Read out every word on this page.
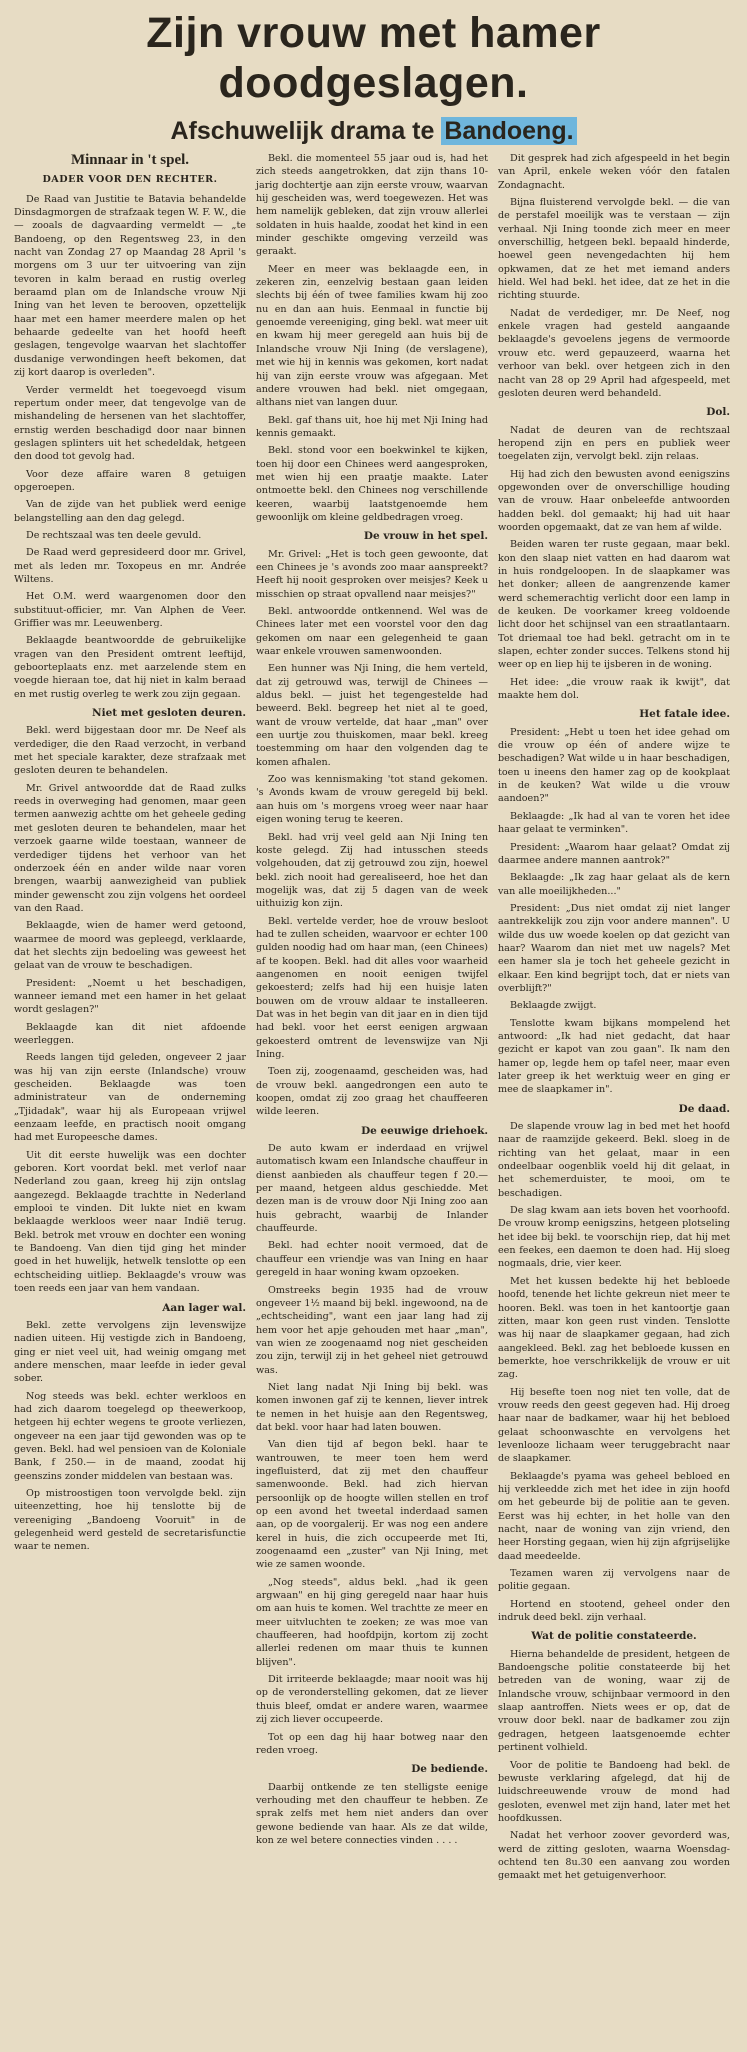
Zijn vrouw met hamer doodgeslagen.
Afschuwelijk drama te Bandoeng.
Minnaar in 't spel.
DADER VOOR DEN RECHTER.

De Raad van Justitie te Batavia behandelde Dinsdagmorgen de strafzaak tegen W. F. W., die — zooals de dagvaarding vermeldt — „te Bandoeng, op den Regentsweg 23, in den nacht van Zondag 27 op Maandag 28 April 's morgens om 3 uur ter uitvoering van zijn tevoren in kalm beraad en rustig overleg beraamd plan om de Inlandsche vrouw Nji Ining van het leven te berooven, opzettelijk haar met een hamer meerdere malen op het behaarde gedeelte van het hoofd heeft geslagen, tengevolge waarvan het slachtoffer dusdanige verwondingen heeft bekomen, dat zij kort daarop is overleden".

Verder vermeldt het toegevoegd visum repertum onder meer, dat tengevolge van de mishandeling de hersenen van het slachtoffer, ernstig werden beschadigd door naar binnen geslagen splinters uit het schedeldak, hetgeen den dood tot gevolg had.

Voor deze affaire waren 8 getuigen opgeroepen.

Van de zijde van het publiek werd eenige belangstelling aan den dag gelegd.

De rechtszaal was ten deele gevuld.

De Raad werd gepresideerd door mr. Grivel, met als leden mr. Toxopeus en mr. Andrée Wiltens.

Het O.M. werd waargenomen door den substituut-officier, mr. Van Alphen de Veer. Griffier was mr. Leeuwenberg.

Beklaagde beantwoordde de gebruikelijke vragen van den President omtrent leeftijd, geboorteplaats enz. met aarzelende stem en voegde hieraan toe, dat hij niet in kalm beraad en met rustig overleg te werk zou zijn gegaan.

Niet met gesloten deuren.

Bekl. werd bijgestaan door mr. De Neef als verdediger, die den Raad verzocht, in verband met het speciale karakter, deze strafzaak met gesloten deuren te behandelen.

Mr. Grivel antwoordde dat de Raad zulks reeds in overweging had genomen, maar geen termen aanwezig achtte om het geheele geding met gesloten deuren te behandelen, maar het verzoek gaarne wilde toestaan, wanneer de verdediger tijdens het verhoor van het onderzoek één en ander wilde naar voren brengen, waarbij aanwezigheid van publiek minder gewenscht zou zijn volgens het oordeel van den Raad.

Beklaagde, wien de hamer werd getoond, waarmee de moord was gepleegd, verklaarde, dat het slechts zijn bedoeling was geweest het gelaat van de vrouw te beschadigen.

President: „Noemt u het beschadigen, wanneer iemand met een hamer in het gelaat wordt geslagen?"

Beklaagde kan dit niet afdoende weerleggen.

Reeds langen tijd geleden, ongeveer 2 jaar was hij van zijn eerste (Inlandsche) vrouw gescheiden. Beklaagde was toen administrateur van de onderneming „Tjidadak", waar hij als Europeaan vrijwel eenzaam leefde, en practisch nooit omgang had met Europeesche dames.

Uit dit eerste huwelijk was een dochter geboren. Kort voordat bekl. met verlof naar Nederland zou gaan, kreeg hij zijn ontslag aangezegd. Beklaagde trachtte in Nederland emplooi te vinden. Dit lukte niet en kwam beklaagde werkloos weer naar Indië terug. Bekl. betrok met vrouw en dochter een woning te Bandoeng. Van dien tijd ging het minder goed in het huwelijk, hetwelk tenslotte op een echtscheiding uitliep. Beklaagde's vrouw was toen reeds een jaar van hem vandaan.

Aan lager wal.

Bekl. zette vervolgens zijn levenswijze nadien uiteen. Hij vestigde zich in Bandoeng, ging er niet veel uit, had weinig omgang met andere menschen, maar leefde in ieder geval sober.

Nog steeds was bekl. echter werkloos en had zich daarom toegelegd op theewerkoop, hetgeen hij echter wegens te groote verliezen, ongeveer na een jaar tijd gewonden was op te geven. Bekl. had wel pensioen van de Koloniale Bank, f 250.— in de maand, zoodat hij geenszins zonder middelen van bestaan was.

Op mistroostigen toon vervolgde bekl. zijn uiteenzetting, hoe hij tenslotte bij de vereeniging „Bandoeng Vooruit" in de gelegenheid werd gesteld de secretarisfunctie waar te nemen.

Bekl. die momenteel 55 jaar oud is, had het zich steeds aangetrokken, dat zijn thans 10-jarig dochtertje aan zijn eerste vrouw, waarvan hij gescheiden was, werd toegewezen. Het was hem namelijk gebleken, dat zijn vrouw allerlei soldaten in huis haalde, zoodat het kind in een minder geschikte omgeving verzeild was geraakt.

Meer en meer was beklaagde een, in zekeren zin, eenzelvig bestaan gaan leiden slechts bij één of twee families kwam hij zoo nu en dan aan huis. Eenmaal in functie bij genoemde vereeniging, ging bekl. wat meer uit en kwam hij meer geregeld aan huis bij de Inlandsche vrouw Nji Ining (de verslagene), met wie hij in kennis was gekomen, kort nadat hij van zijn eerste vrouw was afgegaan. Met andere vrouwen had bekl. niet omgegaan, althans niet van langen duur.

Bekl. gaf thans uit, hoe hij met Nji Ining had kennis gemaakt.

Bekl. stond voor een boekwinkel te kijken, toen hij door een Chinees werd aangesproken, met wien hij een praatje maakte. Later ontmoette bekl. den Chinees nog verschillende keeren, waarbij laatstgenoemde hem gewoonlijk om kleine geldbedragen vroeg.

De vrouw in het spel.

Mr. Grivel: „Het is toch geen gewoonte, dat een Chinees je 's avonds zoo maar aanspreekt? Heeft hij nooit gesproken over meisjes? Keek u misschien op straat opvallend naar meisjes?"

Bekl. antwoordde ontkennend. Wel was de Chinees later met een voorstel voor den dag gekomen om naar een gelegenheid te gaan waar enkele vrouwen samenwoonden.

Een hunner was Nji Ining, die hem verteld, dat zij getrouwd was, terwijl de Chinees — aldus bekl. — juist het tegengestelde had beweerd. Bekl. begreep het niet al te goed, want de vrouw vertelde, dat haar „man" over een uurtje zou thuiskomen, maar bekl. kreeg toestemming om haar den volgenden dag te komen afhalen.

Zoo was kennismaking 'tot stand gekomen. 's Avonds kwam de vrouw geregeld bij bekl. aan huis om 's morgens vroeg weer naar haar eigen woning terug te keeren.

Bekl. had vrij veel geld aan Nji Ining ten koste gelegd. Zij had intusschen steeds volgehouden, dat zij getrouwd zou zijn, hoewel bekl. zich nooit had gerealiseerd, hoe het dan mogelijk was, dat zij 5 dagen van de week uithuizig kon zijn.

Bekl. vertelde verder, hoe de vrouw besloot had te zullen scheiden, waarvoor er echter 100 gulden noodig had om haar man, (een Chinees) af te koopen. Bekl. had dit alles voor waarheid aangenomen en nooit eenigen twijfel gekoesterd; zelfs had hij een huisje laten bouwen om de vrouw aldaar te installeeren. Dat was in het begin van dit jaar en in dien tijd had bekl. voor het eerst eenigen argwaan gekoesterd omtrent de levenswijze van Nji Ining.

Toen zij, zoogenaamd, gescheiden was, had de vrouw bekl. aangedrongen een auto te koopen, omdat zij zoo graag het chauffeeren wilde leeren.

De eeuwige driehoek.

De auto kwam er inderdaad en vrijwel automatisch kwam een Inlandsche chauffeur in dienst aanbieden als chauffeur tegen f 20.— per maand, hetgeen aldus geschiedde. Met dezen man is de vrouw door Nji Ining zoo aan huis gebracht, waarbij de Inlander chauffeurde.

Bekl. had echter nooit vermoed, dat de chauffeur een vriendje was van Ining en haar geregeld in haar woning kwam opzoeken.

Omstreeks begin 1935 had de vrouw ongeveer 1½ maand bij bekl. ingewoond, na de „echtscheiding", want een jaar lang had zij hem voor het apje gehouden met haar „man", van wien ze zoogenaamd nog niet gescheiden zou zijn, terwijl zij in het geheel niet getrouwd was.

Niet lang nadat Nji Ining bij bekl. was komen inwonen gaf zij te kennen, liever intrek te nemen in het huisje aan den Regentsweg, dat bekl. voor haar had laten bouwen.

Van dien tijd af begon bekl. haar te wantrouwen, te meer toen hem werd ingefluisterd, dat zij met den chauffeur samenwoonde. Bekl. had zich hiervan persoonlijk op de hoogte willen stellen en trof op een avond het tweetal inderdaad samen aan, op de voorgalerij. Er was nog een andere kerel in huis, die zich occupeerde met Iti, zoogenaamd een „zuster" van Nji Ining, met wie ze samen woonde.

„Nog steeds", aldus bekl. „had ik geen argwaan" en hij ging geregeld naar haar huis om aan huis te komen. Wel trachtte ze meer en meer uitvluchten te zoeken; ze was moe van chauffeeren, had hoofdpijn, kortom zij zocht allerlei redenen om maar thuis te kunnen blijven".

Dit irriteerde beklaagde; maar nooit was hij op de veronderstelling gekomen, dat ze liever thuis bleef, omdat er andere waren, waarmee zij zich liever occupeerde.

Tot op een dag hij haar botweg naar den reden vroeg.

De bediende.

Daarbij ontkende ze ten stelligste eenige verhouding met den chauffeur te hebben. Ze sprak zelfs met hem niet anders dan over gewone bediende van haar. Als ze dat wilde, kon ze wel betere connecties vinden . . . .

Dit gesprek had zich afgespeeld in het begin van April, enkele weken vóór den fatalen Zondagnacht.

Bijna fluisterend vervolgde bekl. — die van de perstafel moeilijk was te verstaan — zijn verhaal. Nji Ining toonde zich meer en meer onverschillig, hetgeen bekl. bepaald hinderde, hoewel geen nevengedachten hij hem opkwamen, dat ze het met iemand anders hield. Wel had bekl. het idee, dat ze het in die richting stuurde.

Nadat de verdediger, mr. De Neef, nog enkele vragen had gesteld aangaande beklaagde's gevoelens jegens de vermoorde vrouw etc. werd gepauzeerd, waarna het verhoor van bekl. over hetgeen zich in den nacht van 28 op 29 April had afgespeeld, met gesloten deuren werd behandeld.

Dol.

Nadat de deuren van de rechtszaal heropend zijn en pers en publiek weer toegelaten zijn, vervolgt bekl. zijn relaas.

Hij had zich den bewusten avond eenigszins opgewonden over de onverschillige houding van de vrouw. Haar onbeleefde antwoorden hadden bekl. dol gemaakt; hij had uit haar woorden opgemaakt, dat ze van hem af wilde.

Beiden waren ter ruste gegaan, maar bekl. kon den slaap niet vatten en had daarom wat in huis rondgeloopen. In de slaapkamer was het donker; alleen de aangrenzende kamer werd schemerachtig verlicht door een lamp in de keuken. De voorkamer kreeg voldoende licht door het schijnsel van een straatlantaarn. Tot driemaal toe had bekl. getracht om in te slapen, echter zonder succes. Telkens stond hij weer op en liep hij te ijsberen in de woning.

Het idee: „die vrouw raak ik kwijt", dat maakte hem dol.

Het fatale idee.

President: „Hebt u toen het idee gehad om die vrouw op één of andere wijze te beschadigen? Wat wilde u in haar beschadigen, toen u ineens den hamer zag op de kookplaat in de keuken? Wat wilde u die vrouw aandoen?"

Beklaagde: „Ik had al van te voren het idee haar gelaat te verminken".

President: „Waarom haar gelaat? Omdat zij daarmee andere mannen aantrok?"

Beklaagde: „Ik zag haar gelaat als de kern van alle moeilijkheden..."

President: „Dus niet omdat zij niet langer aantrekkelijk zou zijn voor andere mannen". U wilde dus uw woede koelen op dat gezicht van haar? Waarom dan niet met uw nagels? Met een hamer sla je toch het geheele gezicht in elkaar. Een kind begrijpt toch, dat er niets van overblijft?"

Beklaagde zwijgt.

Tenslotte kwam bijkans mompelend het antwoord: „Ik had niet gedacht, dat haar gezicht er kapot van zou gaan". Ik nam den hamer op, legde hem op tafel neer, maar even later greep ik het werktuig weer en ging er mee de slaapkamer in".

De daad.

De slapende vrouw lag in bed met het hoofd naar de raamzijde gekeerd. Bekl. sloeg in de richting van het gelaat, maar in een ondeelbaar oogenblik voeld hij dit gelaat, in het schemerduister, te mooi, om te beschadigen.

De slag kwam aan iets boven het voorhoofd. De vrouw kromp eenigszins, hetgeen plotseling het idee bij bekl. te voorschijn riep, dat hij met een feekes, een daemon te doen had. Hij sloeg nogmaals, drie, vier keer.

Met het kussen bedekte hij het bebloede hoofd, tenende het lichte gekreun niet meer te hooren. Bekl. was toen in het kantoortje gaan zitten, maar kon geen rust vinden. Tenslotte was hij naar de slaapkamer gegaan, had zich aangekleed. Bekl. zag het bebloede kussen en bemerkte, hoe verschrikkelijk de vrouw er uit zag.

Hij besefte toen nog niet ten volle, dat de vrouw reeds den geest gegeven had. Hij droeg haar naar de badkamer, waar hij het bebloed gelaat schoonwaschte en vervolgens het levenlooze lichaam weer teruggebracht naar de slaapkamer.

Beklaagde's pyama was geheel bebloed en hij verkleedde zich met het idee in zijn hoofd om het gebeurde bij de politie aan te geven. Eerst was hij echter, in het holle van den nacht, naar de woning van zijn vriend, den heer Horsting gegaan, wien hij zijn afgrijselijke daad meedeelde.

Tezamen waren zij vervolgens naar de politie gegaan.

Hortend en stootend, geheel onder den indruk deed bekl. zijn verhaal.

Wat de politie constateerde.

Hierna behandelde de president, hetgeen de Bandoengsche politie constateerde bij het betreden van de woning, waar zij de Inlandsche vrouw, schijnbaar vermoord in den slaap aantroffen. Niets wees er op, dat de vrouw door bekl. naar de badkamer zou zijn gedragen, hetgeen laatsgenoemde echter pertinent volhield.

Voor de politie te Bandoeng had bekl. de bewuste verklaring afgelegd, dat hij de luidschreeuwende vrouw de mond had gesloten, evenwel met zijn hand, later met het hoofdkussen.

Nadat het verhoor zoover gevorderd was, werd de zitting gesloten, waarna Woensdag-ochtend ten 8u.30 een aanvang zou worden gemaakt met het getuigenverhoor.
